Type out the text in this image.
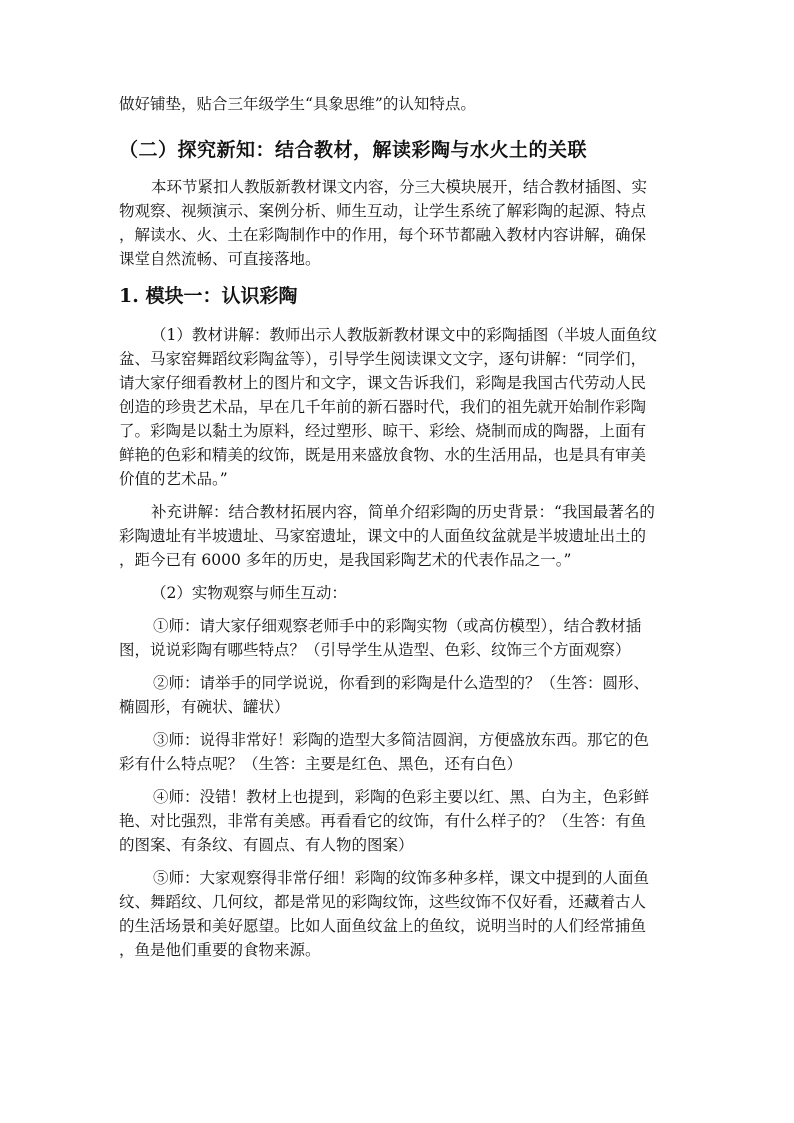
做好铺垫，贴合三年级学生“具象思维”的认知特点。

（二）探究新知：结合教材，解读彩陶与水火土的关联

本环节紧扣人教版新教材课文内容，分三大模块展开，结合教材插图、实
物观察、视频演示、案例分析、师生互动，让学生系统了解彩陶的起源、特点
，解读水、火、土在彩陶制作中的作用，每个环节都融入教材内容讲解，确保
课堂自然流畅、可直接落地。

1. 模块一：认识彩陶

（1）教材讲解：教师出示人教版新教材课文中的彩陶插图（半坡人面鱼纹
盆、马家窑舞蹈纹彩陶盆等），引导学生阅读课文文字，逐句讲解：“同学们，
请大家仔细看教材上的图片和文字，课文告诉我们，彩陶是我国古代劳动人民
创造的珍贵艺术品，早在几千年前的新石器时代，我们的祖先就开始制作彩陶
了。彩陶是以黏土为原料，经过塑形、晾干、彩绘、烧制而成的陶器，上面有
鲜艳的色彩和精美的纹饰，既是用来盛放食物、水的生活用品，也是具有审美
价值的艺术品。”

补充讲解：结合教材拓展内容，简单介绍彩陶的历史背景：“我国最著名的
彩陶遗址有半坡遗址、马家窑遗址，课文中的人面鱼纹盆就是半坡遗址出土的
，距今已有 6000 多年的历史，是我国彩陶艺术的代表作品之一。”

（2）实物观察与师生互动：

①师：请大家仔细观察老师手中的彩陶实物（或高仿模型），结合教材插
图，说说彩陶有哪些特点？（引导学生从造型、色彩、纹饰三个方面观察）

②师：请举手的同学说说，你看到的彩陶是什么造型的？（生答：圆形、
椭圆形，有碗状、罐状）

③师：说得非常好！彩陶的造型大多简洁圆润，方便盛放东西。那它的色
彩有什么特点呢？（生答：主要是红色、黑色，还有白色）

④师：没错！教材上也提到，彩陶的色彩主要以红、黑、白为主，色彩鲜
艳、对比强烈，非常有美感。再看看它的纹饰，有什么样子的？（生答：有鱼
的图案、有条纹、有圆点、有人物的图案）

⑤师：大家观察得非常仔细！彩陶的纹饰多种多样，课文中提到的人面鱼
纹、舞蹈纹、几何纹，都是常见的彩陶纹饰，这些纹饰不仅好看，还藏着古人
的生活场景和美好愿望。比如人面鱼纹盆上的鱼纹，说明当时的人们经常捕鱼
，鱼是他们重要的食物来源。
